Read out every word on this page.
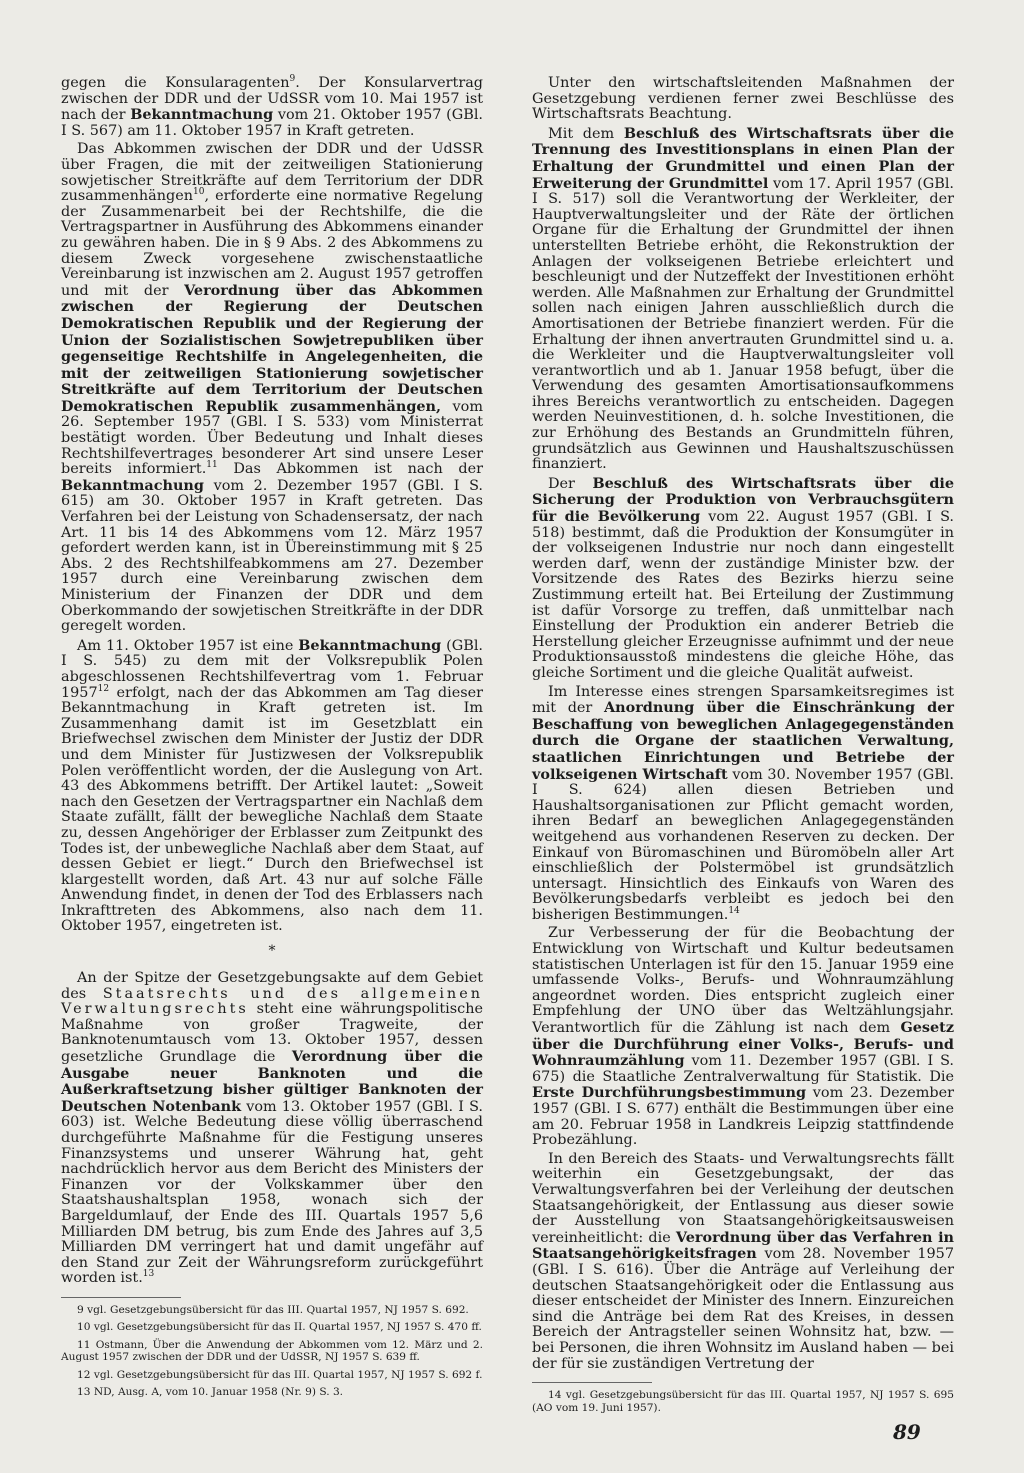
gegen die Konsularagenten$^9$. Der Konsularvertrag zwischen der DDR und der UdSSR vom 10. Mai 1957 ist nach der Bekanntmachung vom 21. Oktober 1957 (GBl. I S. 567) am 11. Oktober 1957 in Kraft getreten.

Das Abkommen zwischen der DDR und der UdSSR über Fragen, die mit der zeitweiligen Stationierung sowjetischer Streitkräfte auf dem Territorium der DDR zusammenhängen$^{10}$, erforderte eine normative Regelung der Zusammenarbeit bei der Rechtshilfe, die die Vertragspartner in Ausführung des Abkommens einander zu gewähren haben. Die in § 9 Abs. 2 des Abkommens zu diesem Zweck vorgesehene zwischenstaatliche Vereinbarung ist inzwischen am 2. August 1957 getroffen und mit der Verordnung über das Abkommen zwischen der Regierung der Deutschen Demokratischen Republik und der Regierung der Union der Sozialistischen Sowjetrepubliken über gegenseitige Rechtshilfe in Angelegenheiten, die mit der zeitweiligen Stationierung sowjetischer Streitkräfte auf dem Territorium der Deutschen Demokratischen Republik zusammenhängen, vom 26. September 1957 (GBl. I S. 533) vom Ministerrat bestätigt worden. Über Bedeutung und Inhalt dieses Rechtshilfevertrages besonderer Art sind unsere Leser bereits informiert.$^{11}$ Das Abkommen ist nach der Bekanntmachung vom 2. Dezember 1957 (GBl. I S. 615) am 30. Oktober 1957 in Kraft getreten. Das Verfahren bei der Leistung von Schadensersatz, der nach Art. 11 bis 14 des Abkommens vom 12. März 1957 gefordert werden kann, ist in Übereinstimmung mit § 25 Abs. 2 des Rechtshilfeabkommens am 27. Dezember 1957 durch eine Vereinbarung zwischen dem Ministerium der Finanzen der DDR und dem Oberkommando der sowjetischen Streitkräfte in der DDR geregelt worden.

Am 11. Oktober 1957 ist eine Bekanntmachung (GBl. I S. 545) zu dem mit der Volksrepublik Polen abgeschlossenen Rechtshilfevertrag vom 1. Februar 1957$^{12}$ erfolgt, nach der das Abkommen am Tag dieser Bekanntmachung in Kraft getreten ist. Im Zusammenhang damit ist im Gesetzblatt ein Briefwechsel zwischen dem Minister der Justiz der DDR und dem Minister für Justizwesen der Volksrepublik Polen veröffentlicht worden, der die Auslegung von Art. 43 des Abkommens betrifft. Der Artikel lautet: „Soweit nach den Gesetzen der Vertragspartner ein Nachlaß dem Staate zufällt, fällt der bewegliche Nachlaß dem Staate zu, dessen Angehöriger der Erblasser zum Zeitpunkt des Todes ist, der unbewegliche Nachlaß aber dem Staat, auf dessen Gebiet er liegt.“ Durch den Briefwechsel ist klargestellt worden, daß Art. 43 nur auf solche Fälle Anwendung findet, in denen der Tod des Erblassers nach Inkrafttreten des Abkommens, also nach dem 11. Oktober 1957, eingetreten ist.

*

An der Spitze der Gesetzgebungsakte auf dem Gebiet des Staatsrechts und des allgemeinen Verwaltungsrechts steht eine währungspolitische Maßnahme von großer Tragweite, der Banknotenumtausch vom 13. Oktober 1957, dessen gesetzliche Grundlage die Verordnung über die Ausgabe neuer Banknoten und die Außerkraftsetzung bisher gültiger Banknoten der Deutschen Notenbank vom 13. Oktober 1957 (GBl. I S. 603) ist. Welche Bedeutung diese völlig überraschend durchgeführte Maßnahme für die Festigung unseres Finanzsystems und unserer Währung hat, geht nachdrücklich hervor aus dem Bericht des Ministers der Finanzen vor der Volkskammer über den Staatshaushaltsplan 1958, wonach sich der Bargeldumlauf, der Ende des III. Quartals 1957 5,6 Milliarden DM betrug, bis zum Ende des Jahres auf 3,5 Milliarden DM verringert hat und damit ungefähr auf den Stand zur Zeit der Währungsreform zurückgeführt worden ist.$^{13}$

9 vgl. Gesetzgebungsübersicht für das III. Quartal 1957, NJ 1957 S. 692.

10 vgl. Gesetzgebungsübersicht für das II. Quartal 1957, NJ 1957 S. 470 ff.

11 Ostmann, Über die Anwendung der Abkommen vom 12. März und 2. August 1957 zwischen der DDR und der UdSSR, NJ 1957 S. 639 ff.

12 vgl. Gesetzgebungsübersicht für das III. Quartal 1957, NJ 1957 S. 692 f.

13 ND, Ausg. A, vom 10. Januar 1958 (Nr. 9) S. 3.

Unter den wirtschaftsleitenden Maßnahmen der Gesetzgebung verdienen ferner zwei Beschlüsse des Wirtschaftsrats Beachtung.

Mit dem Beschluß des Wirtschaftsrats über die Trennung des Investitionsplans in einen Plan der Erhaltung der Grundmittel und einen Plan der Erweiterung der Grundmittel vom 17. April 1957 (GBl. I S. 517) soll die Verantwortung der Werkleiter, der Hauptverwaltungsleiter und der Räte der örtlichen Organe für die Erhaltung der Grundmittel der ihnen unterstellten Betriebe erhöht, die Rekonstruktion der Anlagen der volkseigenen Betriebe erleichtert und beschleunigt und der Nutzeffekt der Investitionen erhöht werden. Alle Maßnahmen zur Erhaltung der Grundmittel sollen nach einigen Jahren ausschließlich durch die Amortisationen der Betriebe finanziert werden. Für die Erhaltung der ihnen anvertrauten Grundmittel sind u. a. die Werkleiter und die Hauptverwaltungsleiter voll verantwortlich und ab 1. Januar 1958 befugt, über die Verwendung des gesamten Amortisationsaufkommens ihres Bereichs verantwortlich zu entscheiden. Dagegen werden Neuinvestitionen, d. h. solche Investitionen, die zur Erhöhung des Bestands an Grundmitteln führen, grundsätzlich aus Gewinnen und Haushaltszuschüssen finanziert.

Der Beschluß des Wirtschaftsrats über die Sicherung der Produktion von Verbrauchsgütern für die Bevölkerung vom 22. August 1957 (GBl. I S. 518) bestimmt, daß die Produktion der Konsumgüter in der volkseigenen Industrie nur noch dann eingestellt werden darf, wenn der zuständige Minister bzw. der Vorsitzende des Rates des Bezirks hierzu seine Zustimmung erteilt hat. Bei Erteilung der Zustimmung ist dafür Vorsorge zu treffen, daß unmittelbar nach Einstellung der Produktion ein anderer Betrieb die Herstellung gleicher Erzeugnisse aufnimmt und der neue Produktionsausstoß mindestens die gleiche Höhe, das gleiche Sortiment und die gleiche Qualität aufweist.

Im Interesse eines strengen Sparsamkeitsregimes ist mit der Anordnung über die Einschränkung der Beschaffung von beweglichen Anlagegegenständen durch die Organe der staatlichen Verwaltung, staatlichen Einrichtungen und Betriebe der volkseigenen Wirtschaft vom 30. November 1957 (GBl. I S. 624) allen diesen Betrieben und Haushaltsorganisationen zur Pflicht gemacht worden, ihren Bedarf an beweglichen Anlagegegenständen weitgehend aus vorhandenen Reserven zu decken. Der Einkauf von Büromaschinen und Büromöbeln aller Art einschließlich der Polstermöbel ist grundsätzlich untersagt. Hinsichtlich des Einkaufs von Waren des Bevölkerungsbedarfs verbleibt es jedoch bei den bisherigen Bestimmungen.$^{14}$

Zur Verbesserung der für die Beobachtung der Entwicklung von Wirtschaft und Kultur bedeutsamen statistischen Unterlagen ist für den 15. Januar 1959 eine umfassende Volks-, Berufs- und Wohnraumzählung angeordnet worden. Dies entspricht zugleich einer Empfehlung der UNO über das Weltzählungsjahr. Verantwortlich für die Zählung ist nach dem Gesetz über die Durchführung einer Volks-, Berufs- und Wohnraumzählung vom 11. Dezember 1957 (GBl. I S. 675) die Staatliche Zentralverwaltung für Statistik. Die Erste Durchführungsbestimmung vom 23. Dezember 1957 (GBl. I S. 677) enthält die Bestimmungen über eine am 20. Februar 1958 in Landkreis Leipzig stattfindende Probezählung.

In den Bereich des Staats- und Verwaltungsrechts fällt weiterhin ein Gesetzgebungsakt, der das Verwaltungsverfahren bei der Verleihung der deutschen Staatsangehörigkeit, der Entlassung aus dieser sowie der Ausstellung von Staatsangehörigkeitsausweisen vereinheitlicht: die Verordnung über das Verfahren in Staatsangehörigkeitsfragen vom 28. November 1957 (GBl. I S. 616). Über die Anträge auf Verleihung der deutschen Staatsangehörigkeit oder die Entlassung aus dieser entscheidet der Minister des Innern. Einzureichen sind die Anträge bei dem Rat des Kreises, in dessen Bereich der Antragsteller seinen Wohnsitz hat, bzw. — bei Personen, die ihren Wohnsitz im Ausland haben — bei der für sie zuständigen Vertretung der

14 vgl. Gesetzgebungsübersicht für das III. Quartal 1957, NJ 1957 S. 695 (AO vom 19. Juni 1957).

89
